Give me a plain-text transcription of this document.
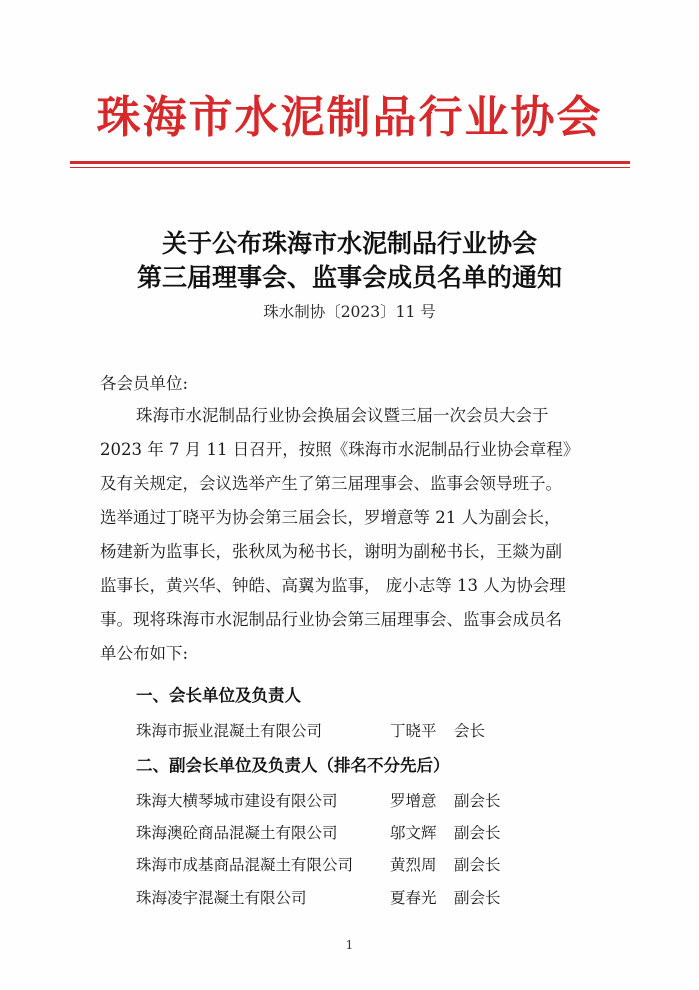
珠海市水泥制品行业协会
关于公布珠海市水泥制品行业协会
第三届理事会、监事会成员名单的通知
珠水制协〔2023〕11 号
各会员单位:
珠海市水泥制品行业协会换届会议暨三届一次会员大会于
2023 年 7 月 11 日召开，按照《珠海市水泥制品行业协会章程》
及有关规定，会议选举产生了第三届理事会、监事会领导班子。
选举通过丁晓平为协会第三届会长，罗增意等 21 人为副会长，
杨建新为监事长，张秋凤为秘书长，谢明为副秘书长，王燚为副
监事长，黄兴华、钟皓、高翼为监事， 庞小志等 13 人为协会理
事。现将珠海市水泥制品行业协会第三届理事会、监事会成员名
单公布如下:
一、会长单位及负责人
珠海市振业混凝土有限公司	丁晓平 会长
二、副会长单位及负责人（排名不分先后）
珠海大横琴城市建设有限公司	罗增意 副会长
珠海澳砼商品混凝土有限公司	邬文辉 副会长
珠海市成基商品混凝土有限公司 黄烈周 副会长
珠海凌宇混凝土有限公司	夏春光 副会长
1
